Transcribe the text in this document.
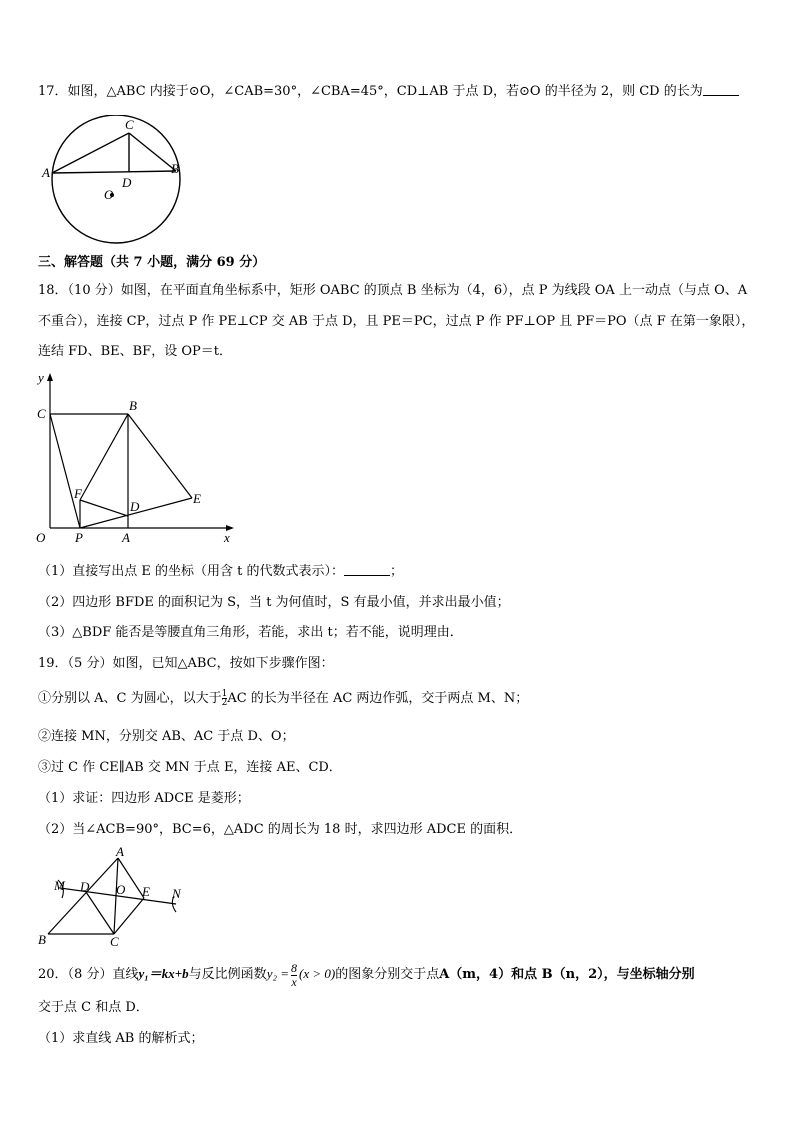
17．如图，△ABC 内接于⊙O，∠CAB=30°，∠CBA=45°，CD⊥AB 于点 D，若⊙O 的半径为 2，则 CD 的长为
C
A	B
D
O
三、解答题（共 7 小题，满分 69 分）
18．（10 分）如图，在平面直角坐标系中，矩形 OABC 的顶点 B 坐标为（4，6），点 P 为线段 OA 上一动点（与点 O、A
不重合），连接 CP，过点 P 作 PE⊥CP 交 AB 于点 D，且 PE＝PC，过点 P 作 PF⊥OP 且 PF＝PO（点 F 在第一象限），
连结 FD、BE、BF，设 OP＝t．
y
x
O
C
B
F
D
E
P	A
（1）直接写出点 E 的坐标（用含 t 的代数式表示）：	；
（2）四边形 BFDE 的面积记为 S，当 t 为何值时，S 有最小值，并求出最小值；
（3）△BDF 能否是等腰直角三角形，若能，求出 t；若不能，说明理由．
19．（5 分）如图，已知△ABC，按如下步骤作图：
①分别以 A、C 为圆心，以大于 $\frac{1}{2}$ AC 的长为半径在 AC 两边作弧，交于两点 M、N；
②连接 MN，分别交 AB、AC 于点 D、O；
③过 C 作 CE∥AB 交 MN 于点 E，连接 AE、CD．
（1）求证：四边形 ADCE 是菱形；
（2）当∠ACB=90°，BC=6，△ADC 的周长为 18 时，求四边形 ADCE 的面积．
A
M D O E N
B	C
20．（8 分）直线y₁＝kx+b与反比例函数$y_2 = \frac{8}{x} (x > 0)$的图象分别交于点A（m，4）和点 B（n，2），与坐标轴分别
交于点 C 和点 D．
（1）求直线 AB 的解析式；
